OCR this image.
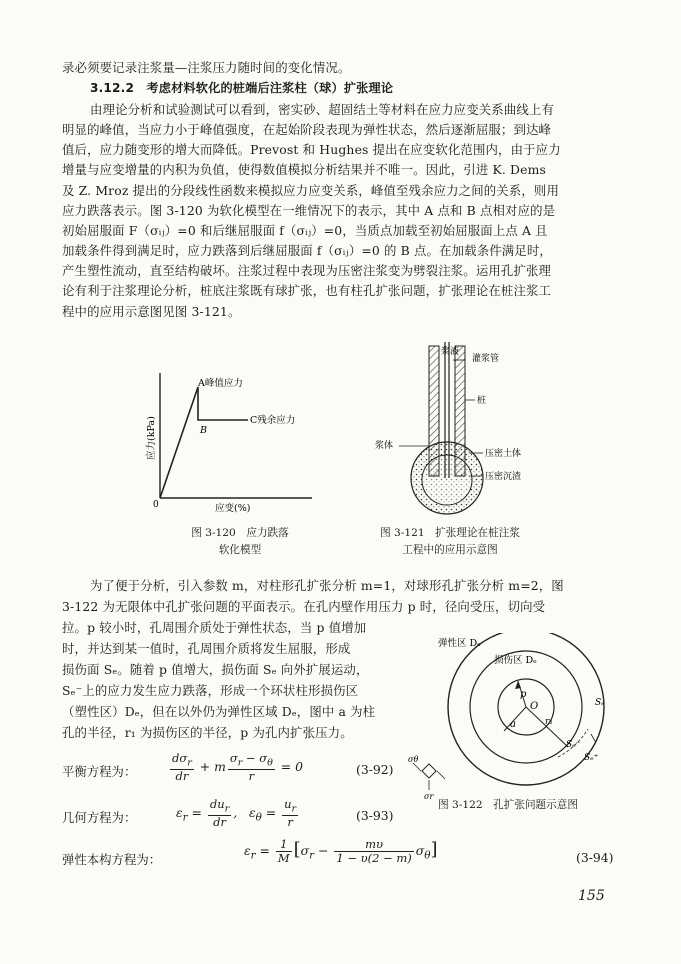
录必须要记录注浆量—注浆压力随时间的变化情况。
3.12.2　考虑材料软化的桩端后注浆柱（球）扩张理论
由理论分析和试验测试可以看到，密实砂、超固结土等材料在应力应变关系曲线上有
明显的峰值，当应力小于峰值强度，在起始阶段表现为弹性状态，然后逐渐屈服；到达峰
值后，应力随变形的增大而降低。Prevost 和 Hughes 提出在应变软化范围内，由于应力
增量与应变增量的内积为负值，使得数值模拟分析结果并不唯一。因此，引进 K. Dems
及 Z. Mroz 提出的分段线性函数来模拟应力应变关系，峰值至残余应力之间的关系，则用
应力跌落表示。图 3-120 为软化模型在一维情况下的表示，其中 A 点和 B 点相对应的是
初始屈服面 F（σᵢⱼ）=0 和后继屈服面 f（σᵢⱼ）=0，当质点加载至初始屈服面上点 A 且
加载条件得到满足时，应力跌落到后继屈服面 f（σᵢⱼ）=0 的 B 点。在加载条件满足时，
产生塑性流动，直至结构破坏。注浆过程中表现为压密注浆变为劈裂注浆。运用孔扩张理
论有利于注浆理论分析，桩底注浆既有球扩张，也有柱孔扩张问题，扩张理论在桩注浆工
程中的应用示意图见图 3-121。
0
A峰值应力
B
C残余应力
应变(%)
应力(kPa)
图 3-120　应力跌落
软化模型
浆液
灌浆管
桩
浆体
压密土体
压密沉渣
图 3-121　扩张理论在桩注浆
工程中的应用示意图
为了便于分析，引入参数 m，对柱形孔扩张分析 m=1，对球形孔扩张分析 m=2，图
3-122 为无限体中孔扩张问题的平面表示。在孔内壁作用压力 p 时，径向受压，切向受
拉。p 较小时，孔周围介质处于弹性状态，当 p 值增加
时，并达到某一值时，孔周围介质将发生屈服，形成
损伤面 Sₑ。随着 p 值增大，损伤面 Sₑ 向外扩展运动，
Sₑ⁻上的应力发生应力跌落，形成一个环状柱形损伤区
（塑性区）Dₑ，但在以外仍为弹性区域 Dₑ，图中 a 为柱
孔的半径，r₁ 为损伤区的半径，p 为孔内扩张压力。
弹性区 Dₑ
损伤区 Dₑ
O
p
a	r₁
Sₑ
Sₑ⁻
Sₑ⁺
σθ
σr
图 3-122　孔扩张问题示意图
平衡方程为：	$\frac{d\sigma_r}{dr} + m \frac{\sigma_r - \sigma_\theta}{r} = 0$	(3-92)
几何方程为：	$\varepsilon_r = \frac{du_r}{dr}$ ,   $\varepsilon_\theta = \frac{u_r}{r}$	(3-93)
弹性本构方程为：
$\varepsilon_r = \frac{1}{M} [\sigma_r - \frac{m\upsilon}{1 - \upsilon(2 - m)} \sigma_\theta]$	(3-94)
155
